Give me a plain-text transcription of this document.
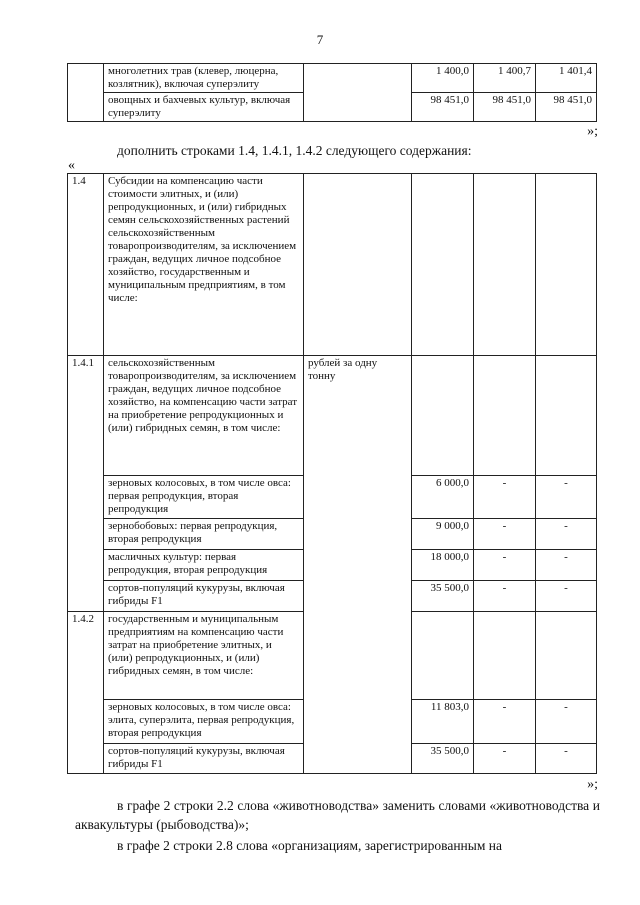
7
	многолетних трав (клевер, люцерна, козлятник), включая суперэлиту		1 400,0	1 400,7	1 401,4
	овощных и бахчевых культур, включая суперэлиту		98 451,0	98 451,0	98 451,0
»;
дополнить строками 1.4, 1.4.1, 1.4.2 следующего содержания:
«
1.4	Субсидии на компенсацию части стоимости элитных, и (или) репродукционных, и (или) гибридных семян сельскохозяйственных растений сельскохозяйственным товаропроизводителям, за исключением граждан, ведущих личное подсобное хозяйство, государственным и муниципальным предприятиям, в том числе:				
1.4.1	сельскохозяйственным товаропроизводителям, за исключением граждан, ведущих личное подсобное хозяйство, на компенсацию части затрат на приобретение репродукционных и (или) гибридных семян, в том числе:	рублей за одну тонну			
	зерновых колосовых, в том числе овса: первая репродукция, вторая репродукция		6 000,0	-	-
	зернобобовых: первая репродукция, вторая репродукция		9 000,0	-	-
	масличных культур: первая репродукция, вторая репродукция		18 000,0	-	-
	сортов-популяций кукурузы, включая гибриды F1		35 500,0	-	-
1.4.2	государственным и муниципальным предприятиям на компенсацию части затрат на приобретение элитных, и (или) репродукционных, и (или) гибридных семян, в том числе:				
	зерновых колосовых, в том числе овса: элита, суперэлита, первая репродукция, вторая репродукция		11 803,0	-	-
	сортов-популяций кукурузы, включая гибриды F1		35 500,0	-	-
»;
в графе 2 строки 2.2 слова «животноводства» заменить словами «животноводства и аквакультуры (рыбоводства)»;
в графе 2 строки 2.8 слова «организациям, зарегистрированным на
